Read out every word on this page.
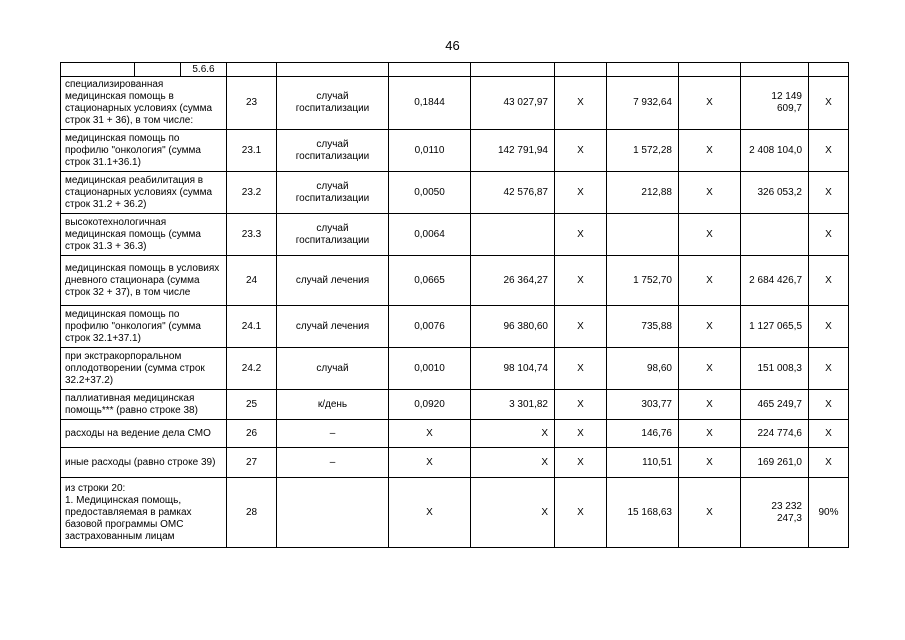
46
		5.6.6									
специализированная медицинская помощь в стационарных условиях (сумма строк 31 + 36), в том числе:			23	случай госпитализации	0,1844	43 027,97	X	7 932,64	X	12 149 609,7	X
медицинская помощь по профилю "онкология" (сумма строк 31.1+36.1)			23.1	случай госпитализации	0,0110	142 791,94	X	1 572,28	X	2 408 104,0	X
медицинская реабилитация в стационарных условиях (сумма строк 31.2 + 36.2)			23.2	случай госпитализации	0,0050	42 576,87	X	212,88	X	326 053,2	X
высокотехнологичная медицинская помощь (сумма строк 31.3 + 36.3)			23.3	случай госпитализации	0,0064		X		X		X
медицинская помощь в условиях дневного стационара (сумма строк 32 + 37), в том числе			24	случай лечения	0,0665	26 364,27	X	1 752,70	X	2 684 426,7	X
медицинская помощь по профилю "онкология" (сумма строк 32.1+37.1)			24.1	случай лечения	0,0076	96 380,60	X	735,88	X	1 127 065,5	X
при экстракорпоральном оплодотворении (сумма строк 32.2+37.2)			24.2	случай	0,0010	98 104,74	X	98,60	X	151 008,3	X
паллиативная медицинская помощь*** (равно строке 38)			25	к/день	0,0920	3 301,82	X	303,77	X	465 249,7	X
расходы на ведение дела СМО			26	–	X	X	X	146,76	X	224 774,6	X
иные расходы (равно строке 39)			27	–	X	X	X	110,51	X	169 261,0	X
из строки 20:
1. Медицинская помощь, предоставляемая в рамках базовой программы ОМС застрахованным лицам			28		X	X	X	15 168,63	X	23 232 247,3	90%
